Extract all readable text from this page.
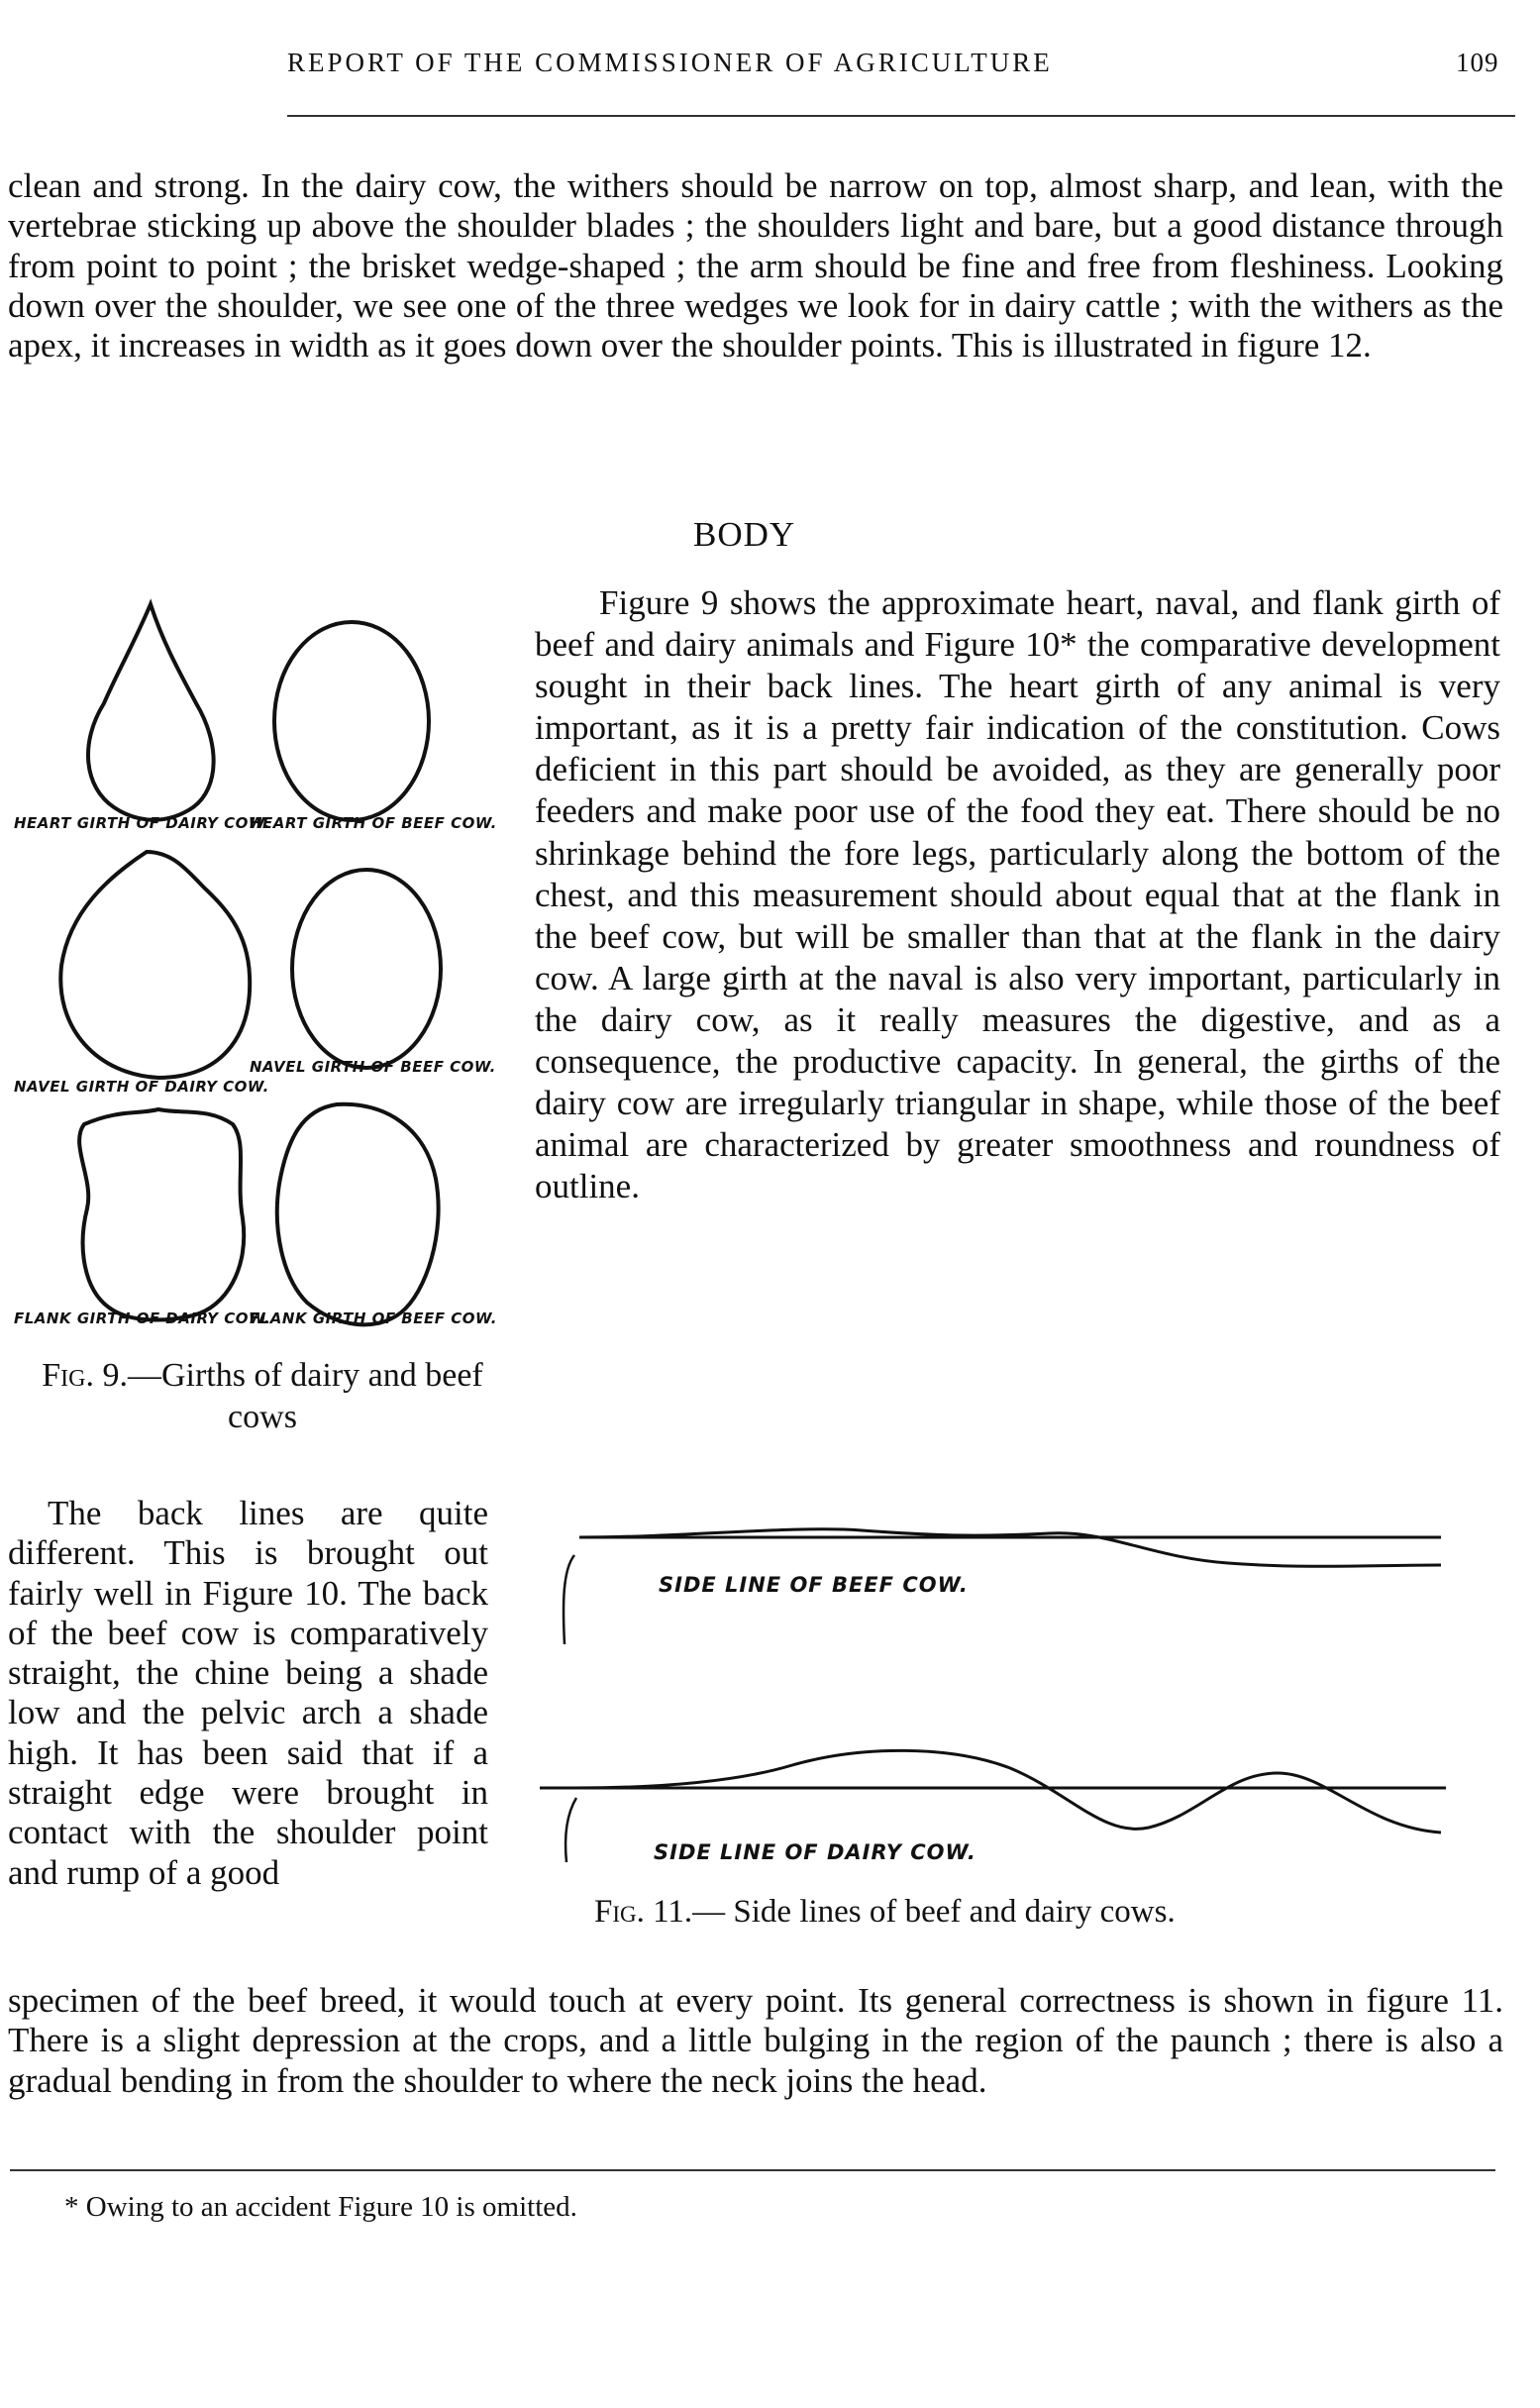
REPORT OF THE COMMISSIONER OF AGRICULTURE	109
clean and strong. In the dairy cow, the withers should be narrow on top, almost sharp, and lean, with the vertebrae sticking up above the shoulder blades ; the shoulders light and bare, but a good distance through from point to point ; the brisket wedge-shaped ; the arm should be fine and free from fleshiness. Looking down over the shoulder, we see one of the three wedges we look for in dairy cattle ; with the withers as the apex, it increases in width as it goes down over the shoulder points. This is illustrated in figure 12.
BODY
HEART GIRTH OF DAIRY COW.
HEART GIRTH OF BEEF COW.
NAVEL GIRTH OF BEEF COW.
NAVEL GIRTH OF DAIRY COW.
FLANK GIRTH OF DAIRY COW.
FLANK GIRTH OF BEEF COW.
Fig. 9.—Girths of dairy and beef cows
Figure 9 shows the approximate heart, naval, and flank girth of beef and dairy animals and Figure 10* the comparative development sought in their back lines. The heart girth of any animal is very important, as it is a pretty fair indication of the constitution. Cows deficient in this part should be avoided, as they are generally poor feeders and make poor use of the food they eat. There should be no shrinkage behind the fore legs, particularly along the bottom of the chest, and this measurement should about equal that at the flank in the beef cow, but will be smaller than that at the flank in the dairy cow. A large girth at the naval is also very important, particularly in the dairy cow, as it really measures the digestive, and as a consequence, the productive capacity. In general, the girths of the dairy cow are irregularly triangular in shape, while those of the beef animal are characterized by greater smoothness and roundness of outline.
The back lines are quite different. This is brought out fairly well in Figure 10. The back of the beef cow is comparatively straight, the chine being a shade low and the pelvic arch a shade high. It has been said that if a straight edge were brought in contact with the shoulder point and rump of a good
SIDE LINE OF BEEF COW.
SIDE LINE OF DAIRY COW.
Fig. 11.— Side lines of beef and dairy cows.
specimen of the beef breed, it would touch at every point. Its general correctness is shown in figure 11. There is a slight depression at the crops, and a little bulging in the region of the paunch ; there is also a gradual bending in from the shoulder to where the neck joins the head.
* Owing to an accident Figure 10 is omitted.
